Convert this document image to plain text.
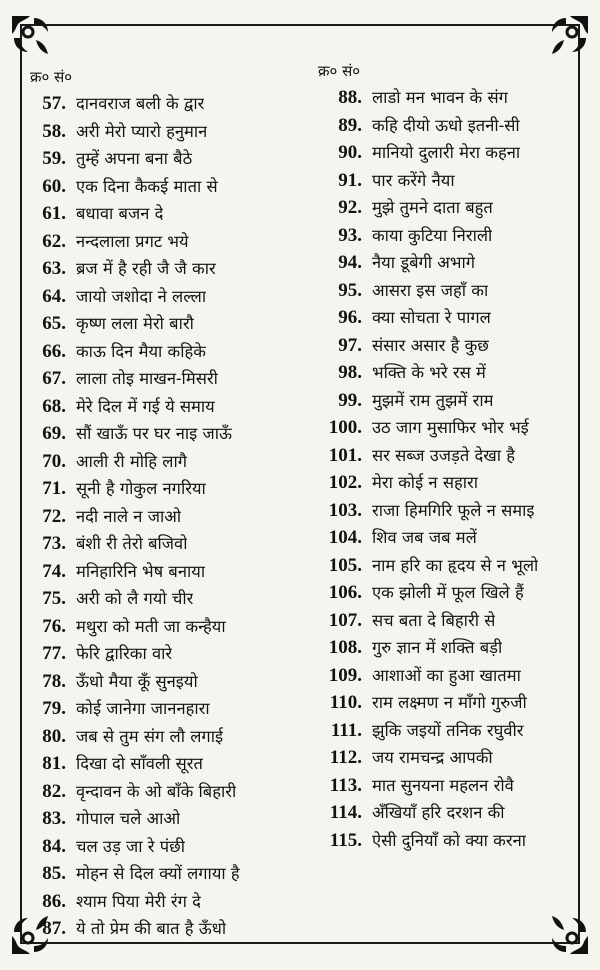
क्र० सं०
57. दानवराज बली के द्वार
58. अरी मेरो प्यारो हनुमान
59. तुम्हें अपना बना बैठे
60. एक दिना कैकई माता से
61. बधावा बजन दे
62. नन्दलाला प्रगट भये
63. ब्रज में है रही जै जै कार
64. जायो जशोदा ने लल्ला
65. कृष्ण लला मेरो बारौ
66. काऊ दिन मैया कहिके
67. लाला तोइ माखन-मिसरी
68. मेरे दिल में गई ये समाय
69. सौं खाऊँ पर घर नाइ जाऊँ
70. आली री मोहि लागै
71. सूनी है गोकुल नगरिया
72. नदी नाले न जाओ
73. बंशी री तेरो बजिवो
74. मनिहारिनि भेष बनाया
75. अरी को लै गयो चीर
76. मथुरा को मती जा कन्हैया
77. फेरि द्वारिका वारे
78. ऊँधो मैया कूँ सुनइयो
79. कोई जानेगा जाननहारा
80. जब से तुम संग लौ लगाई
81. दिखा दो साँवली सूरत
82. वृन्दावन के ओ बाँके बिहारी
83. गोपाल चले आओ
84. चल उड़ जा रे पंछी
85. मोहन से दिल क्यों लगाया है
86. श्याम पिया मेरी रंग दे
87. ये तो प्रेम की बात है ऊँधो
क्र० सं०
88. लाडो मन भावन के संग
89. कहि दीयो ऊधो इतनी-सी
90. मानियो दुलारी मेरा कहना
91. पार करेंगे नैया
92. मुझे तुमने दाता बहुत
93. काया कुटिया निराली
94. नैया डूबेगी अभागे
95. आसरा इस जहाँ का
96. क्या सोचता रे पागल
97. संसार असार है कुछ
98. भक्ति के भरे रस में
99. मुझमें राम तुझमें राम
100. उठ जाग मुसाफिर भोर भई
101. सर सब्ज उजड़ते देखा है
102. मेरा कोई न सहारा
103. राजा हिमगिरि फूले न समाइ
104. शिव जब जब मलें
105. नाम हरि का हृदय से न भूलो
106. एक झोली में फूल खिले हैं
107. सच बता दे बिहारी से
108. गुरु ज्ञान में शक्ति बड़ी
109. आशाओं का हुआ खातमा
110. राम लक्ष्मण न माँगो गुरुजी
111. झुकि जइयों तनिक रघुवीर
112. जय रामचन्द्र आपकी
113. मात सुनयना महलन रोवै
114. अँखियाँ हरि दरशन की
115. ऐसी दुनियाँ को क्या करना
